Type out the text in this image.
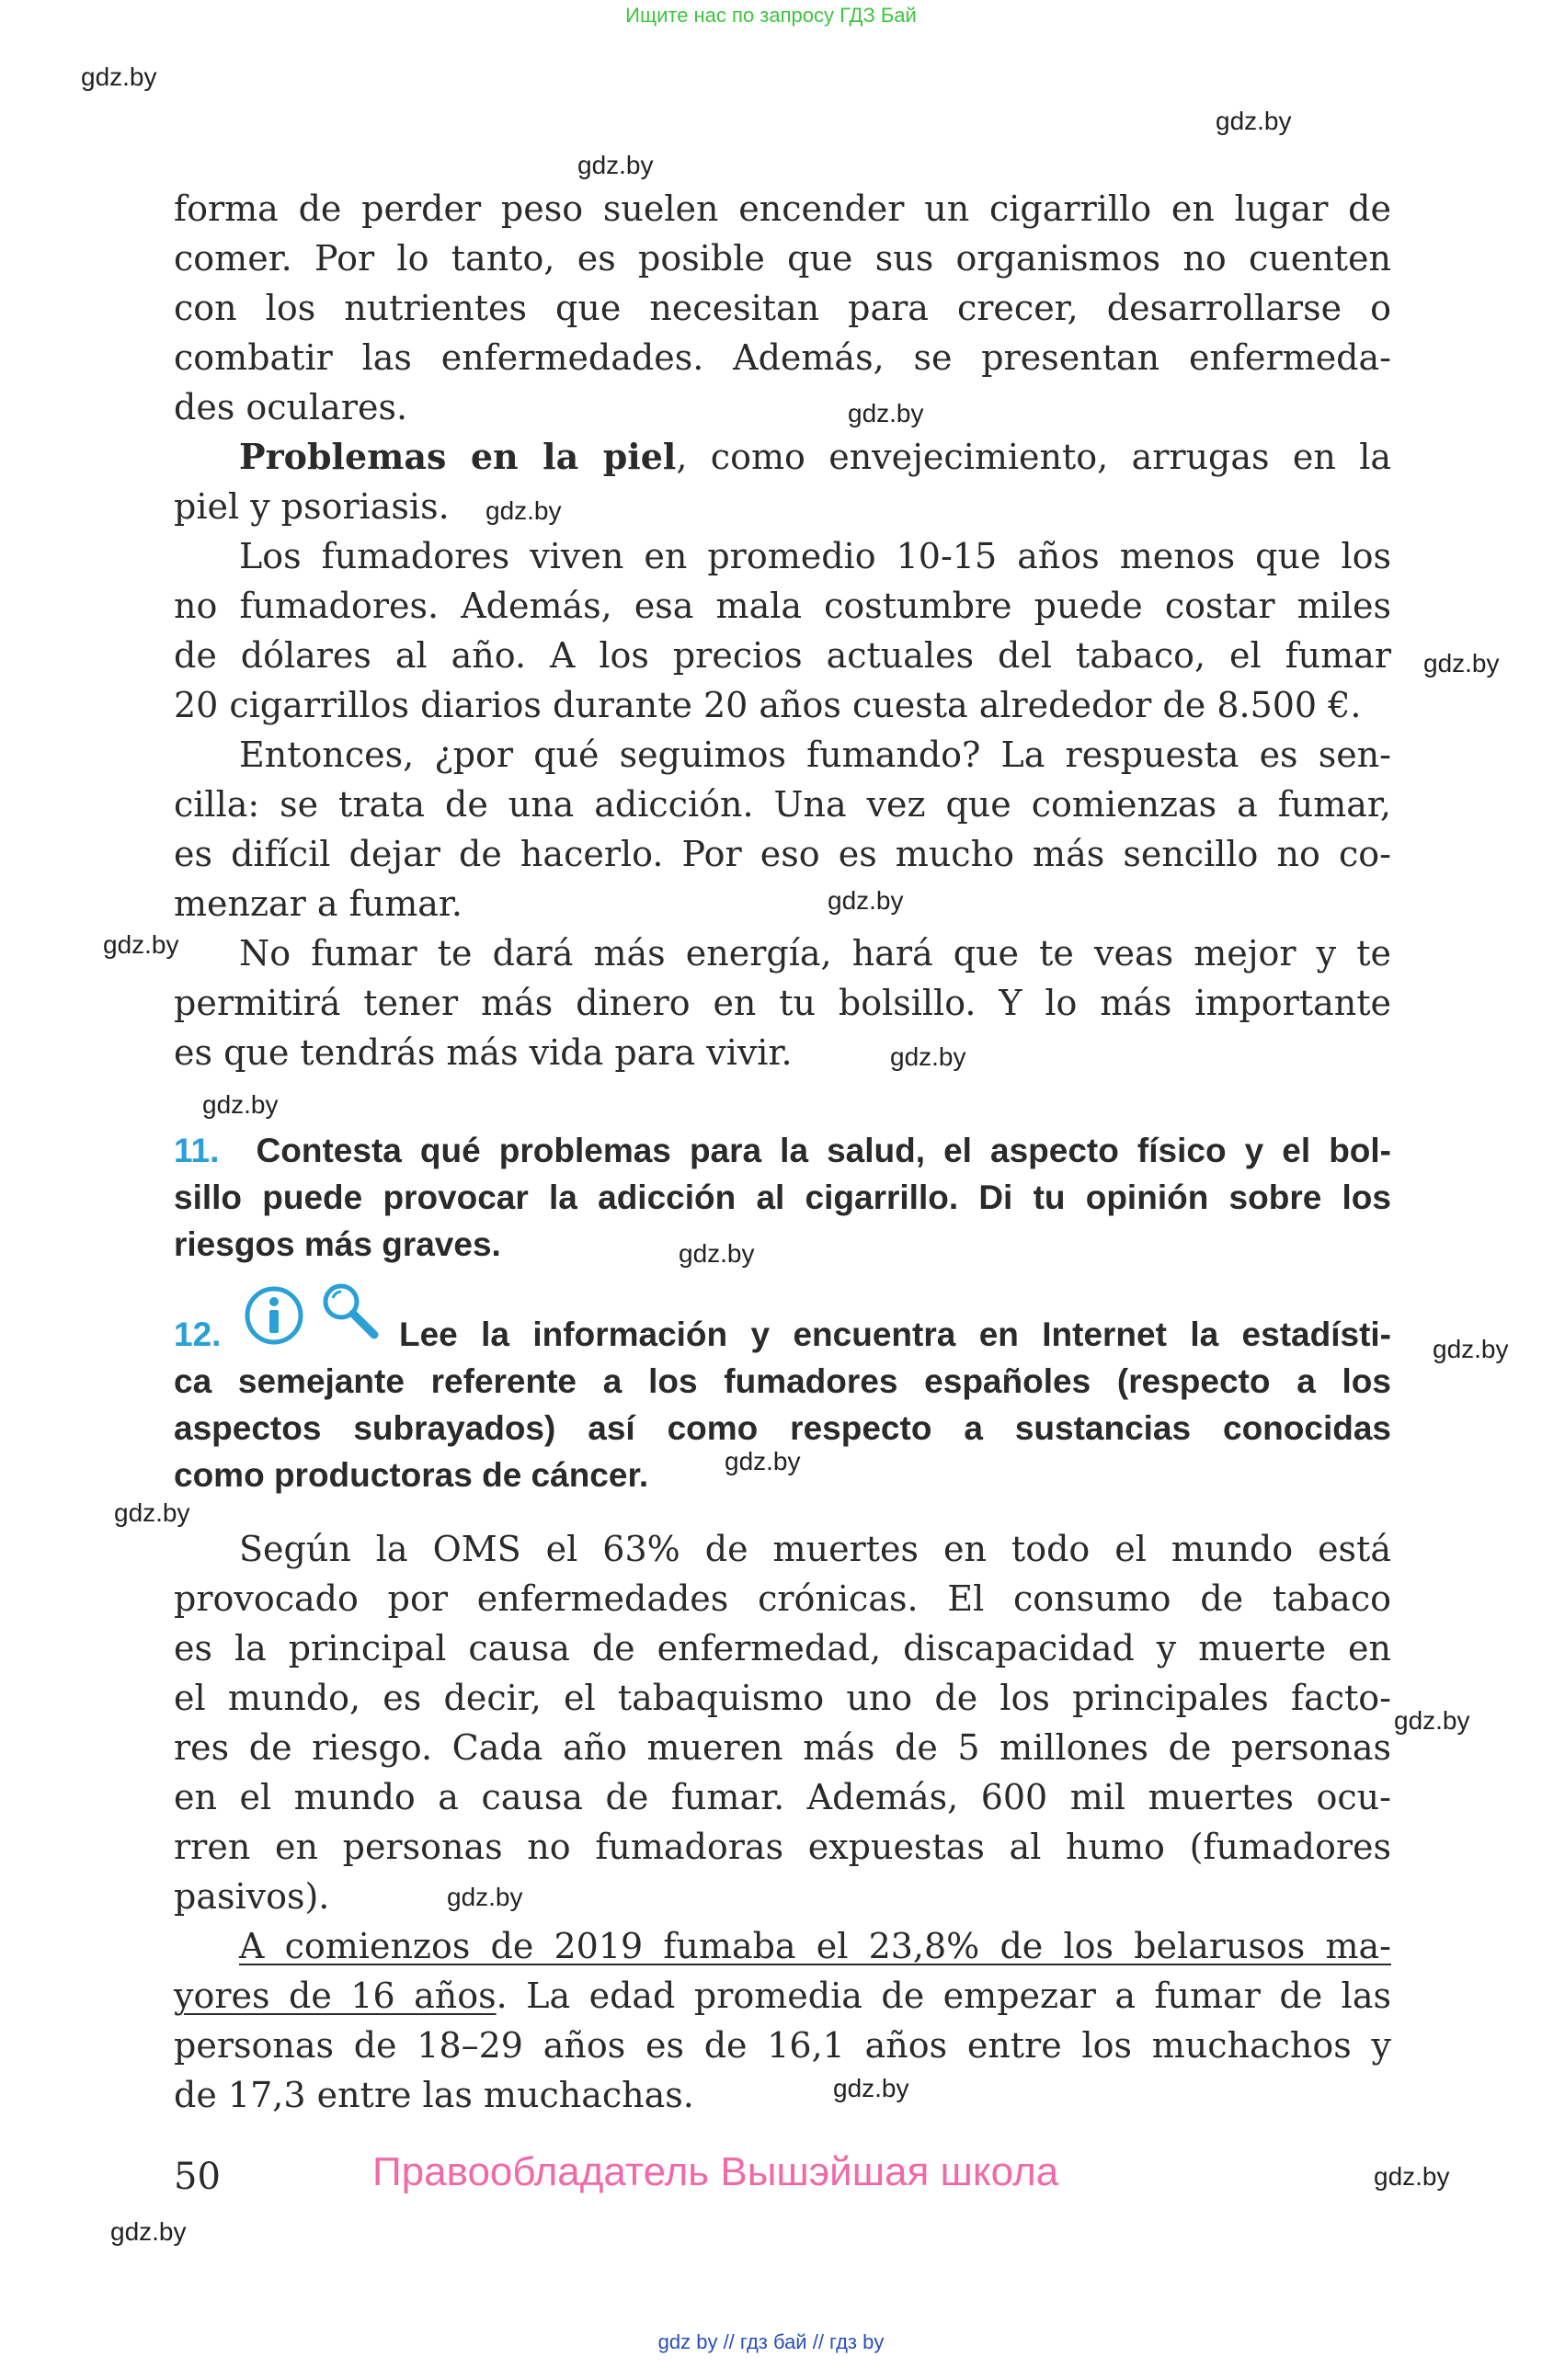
Ищите нас по запросу ГДЗ Бай
gdz.by
gdz.by
gdz.by
gdz.by
gdz.by
gdz.by
gdz.by
gdz.by
gdz.by
gdz.by
gdz.by
gdz.by
gdz.by
gdz.by
gdz.by
gdz.by
gdz.by
gdz.by
gdz.by
forma de perder peso suelen encender un cigarrillo en lugar de
comer. Por lo tanto, es posible que sus organismos no cuenten
con los nutrientes que necesitan para crecer, desarrollarse o
combatir las enfermedades. Además, se presentan enfermeda-
des oculares.
Problemas en la piel, como envejecimiento, arrugas en la
piel y psoriasis.
Los fumadores viven en promedio 10-15 años menos que los
no fumadores. Además, esa mala costumbre puede costar miles
de dólares al año. A los precios actuales del tabaco, el fumar
20 cigarrillos diarios durante 20 años cuesta alrededor de 8.500 €.
Entonces, ¿por qué seguimos fumando? La respuesta es sen-
cilla: se trata de una adicción. Una vez que comienzas a fumar,
es difícil dejar de hacerlo. Por eso es mucho más sencillo no co-
menzar a fumar.
No fumar te dará más energía, hará que te veas mejor y te
permitirá tener más dinero en tu bolsillo. Y lo más importante
es que tendrás más vida para vivir.
11. Contesta qué problemas para la salud, el aspecto físico y el bol-
sillo puede provocar la adicción al cigarrillo. Di tu opinión sobre los
riesgos más graves.
12.	Lee la información y encuentra en Internet la estadísti-
ca semejante referente a los fumadores españoles (respecto a los
aspectos subrayados) así como respecto a sustancias conocidas
como productoras de cáncer.
Según la OMS el 63% de muertes en todo el mundo está
provocado por enfermedades crónicas. El consumo de tabaco
es la principal causa de enfermedad, discapacidad y muerte en
el mundo, es decir, el tabaquismo uno de los principales facto-
res de riesgo. Cada año mueren más de 5 millones de personas
en el mundo a causa de fumar. Además, 600 mil muertes ocu-
rren en personas no fumadoras expuestas al humo (fumadores
pasivos).
A comienzos de 2019 fumaba el 23,8% de los belarusos ma-
yores de 16 años. La edad promedia de empezar a fumar de las
personas de 18–29 años es de 16,1 años entre los muchachos y
de 17,3 entre las muchachas.
50	Правообладатель Вышэйшая школа
gdz by // гдз бай // гдз by
